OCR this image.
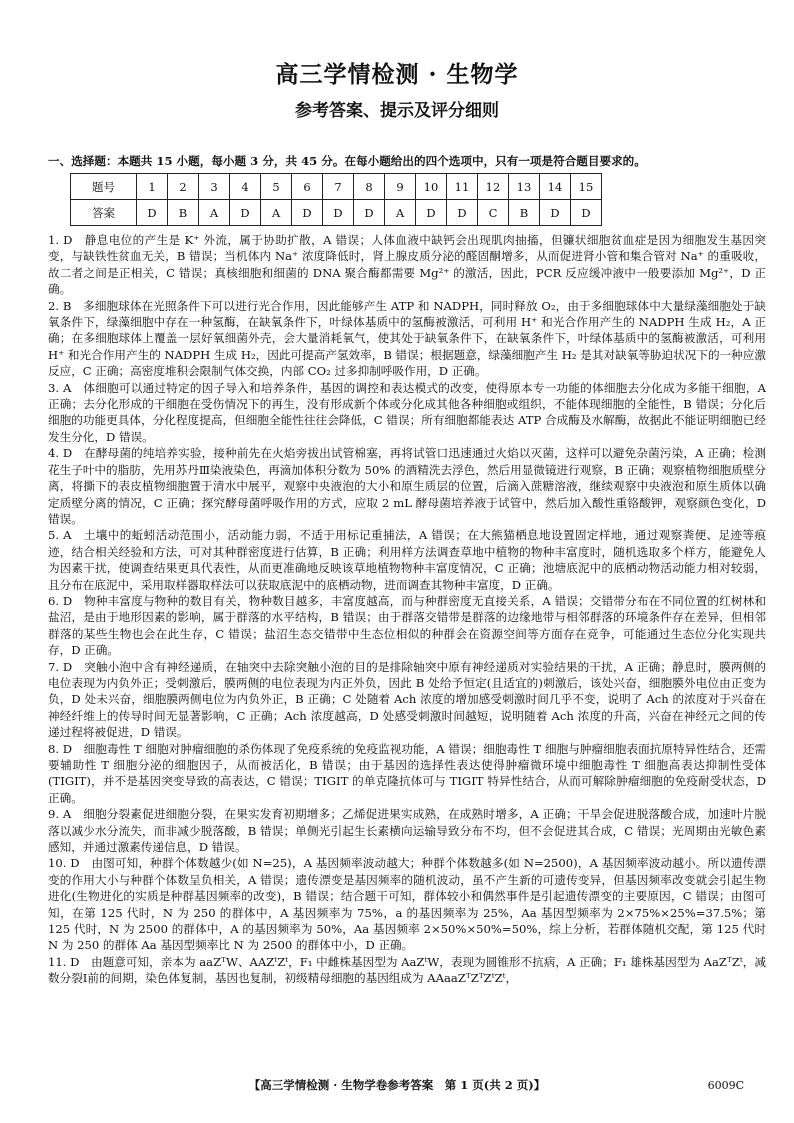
高三学情检测 · 生物学
参考答案、提示及评分细则
一、选择题：本题共 15 小题，每小题 3 分，共 45 分。在每小题给出的四个选项中，只有一项是符合题目要求的。
题号	1	2	3	4	5	6	7	8	9	10	11	12	13	14	15
答案	D	B	A	D	A	D	D	D	A	D	D	C	B	D	D
1. D　静息电位的产生是 K⁺ 外流，属于协助扩散，A 错误；人体血液中缺钙会出现肌肉抽搐，但镰状细胞贫血症是因为细胞发生基因突变，与缺铁性贫血无关，B 错误；当机体内 Na⁺ 浓度降低时，肾上腺皮质分泌的醛固酮增多，从而促进肾小管和集合管对 Na⁺ 的重吸收，故二者之间是正相关，C 错误；真核细胞和细菌的 DNA 聚合酶都需要 Mg²⁺ 的激活，因此，PCR 反应缓冲液中一般要添加 Mg²⁺，D 正确。
2. B　多细胞球体在光照条件下可以进行光合作用，因此能够产生 ATP 和 NADPH，同时释放 O₂，由于多细胞球体中大量绿藻细胞处于缺氧条件下，绿藻细胞中存在一种氢酶，在缺氧条件下，叶绿体基质中的氢酶被激活，可利用 H⁺ 和光合作用产生的 NADPH 生成 H₂，A 正确；在多细胞球体上覆盖一层好氧细菌外壳，会大量消耗氧气，使其处于缺氧条件下，在缺氧条件下，叶绿体基质中的氢酶被激活，可利用 H⁺ 和光合作用产生的 NADPH 生成 H₂，因此可提高产氢效率，B 错误；根据题意，绿藻细胞产生 H₂ 是其对缺氧等胁迫状况下的一种应激反应，C 正确；高密度堆积会限制气体交换，内部 CO₂ 过多抑制呼吸作用，D 正确。
3. A　体细胞可以通过特定的因子导入和培养条件，基因的调控和表达模式的改变，使得原本专一功能的体细胞去分化成为多能干细胞，A 正确；去分化形成的干细胞在受伤情况下的再生，没有形成新个体或分化成其他各种细胞或组织，不能体现细胞的全能性，B 错误；分化后细胞的功能更具体，分化程度提高，但细胞全能性往往会降低，C 错误；所有细胞都能表达 ATP 合成酶及水解酶，故据此不能证明细胞已经发生分化，D 错误。
4. D　在酵母菌的纯培养实验，接种前先在火焰旁拔出试管棉塞，再将试管口迅速通过火焰以灭菌，这样可以避免杂菌污染，A 正确；检测花生子叶中的脂肪，先用苏丹Ⅲ染液染色，再滴加体积分数为 50% 的酒精洗去浮色，然后用显微镜进行观察，B 正确；观察植物细胞质壁分离，将撕下的表皮植物细胞置于清水中展平，观察中央液泡的大小和原生质层的位置，后滴入蔗糖溶液，继续观察中央液泡和原生质体以确定质壁分离的情况，C 正确；探究酵母菌呼吸作用的方式，应取 2 mL 酵母菌培养液于试管中，然后加入酸性重铬酸钾，观察颜色变化，D 错误。
5. A　土壤中的蚯蚓活动范围小，活动能力弱，不适于用标记重捕法，A 错误；在大熊猫栖息地设置固定样地，通过观察粪便、足迹等痕迹，结合相关经验和方法，可对其种群密度进行估算，B 正确；利用样方法调查草地中植物的物种丰富度时，随机选取多个样方，能避免人为因素干扰，使调查结果更具代表性，从而更准确地反映该草地植物物种丰富度情况，C 正确；池塘底泥中的底栖动物活动能力相对较弱，且分布在底泥中，采用取样器取样法可以获取底泥中的底栖动物，进而调查其物种丰富度，D 正确。
6. D　物种丰富度与物种的数目有关，物种数目越多，丰富度越高，而与种群密度无直接关系，A 错误；交错带分布在不同位置的红树林和盐沼，是由于地形因素的影响，属于群落的水平结构，B 错误；由于群落交错带是群落的边缘地带与相邻群落的环境条件存在差异，但相邻群落的某些生物也会在此生存，C 错误；盐沼生态交错带中生态位相似的种群会在资源空间等方面存在竞争，可能通过生态位分化实现共存，D 正确。
7. D　突触小泡中含有神经递质，在轴突中去除突触小泡的目的是排除轴突中原有神经递质对实验结果的干扰，A 正确；静息时，膜两侧的电位表现为内负外正；受刺激后，膜两侧的电位表现为内正外负，因此 B 处给予恒定(且适宜的)刺激后，该处兴奋，细胞膜外电位由正变为负，D 处未兴奋，细胞膜两侧电位为内负外正，B 正确；C 处随着 Ach 浓度的增加感受刺激时间几乎不变，说明了 Ach 的浓度对于兴奋在神经纤维上的传导时间无显著影响，C 正确；Ach 浓度越高，D 处感受刺激时间越短，说明随着 Ach 浓度的升高，兴奋在神经元之间的传递过程将被促进，D 错误。
8. D　细胞毒性 T 细胞对肿瘤细胞的杀伤体现了免疫系统的免疫监视功能，A 错误；细胞毒性 T 细胞与肿瘤细胞表面抗原特异性结合，还需要辅助性 T 细胞分泌的细胞因子，从而被活化，B 错误；由于基因的选择性表达使得肿瘤微环境中细胞毒性 T 细胞高表达抑制性受体(TIGIT)，并不是基因突变导致的高表达，C 错误；TIGIT 的单克隆抗体可与 TIGIT 特异性结合，从而可解除肿瘤细胞的免疫耐受状态，D 正确。
9. A　细胞分裂素促进细胞分裂，在果实发育初期增多；乙烯促进果实成熟，在成熟时增多，A 正确；干旱会促进脱落酸合成，加速叶片脱落以减少水分流失，而非减少脱落酸，B 错误；单侧光引起生长素横向运输导致分布不均，但不会促进其合成，C 错误；光周期由光敏色素感知，并通过激素传递信息，D 错误。
10. D　由图可知，种群个体数越少(如 N=25)，A 基因频率波动越大；种群个体数越多(如 N=2500)，A 基因频率波动越小。所以遗传漂变的作用大小与种群个体数呈负相关，A 错误；遗传漂变是基因频率的随机波动，虽不产生新的可遗传变异，但基因频率改变就会引起生物进化(生物进化的实质是种群基因频率的改变)，B 错误；结合题干可知，群体较小和偶然事件是引起遗传漂变的主要原因，C 错误；由图可知，在第 125 代时，N 为 250 的群体中，A 基因频率为 75%，a 的基因频率为 25%，Aa 基因型频率为 2×75%×25%=37.5%；第 125 代时，N 为 2500 的群体中，A 的基因频率为 50%，Aa 基因频率 2×50%×50%=50%，综上分析，若群体随机交配，第 125 代时 N 为 250 的群体 Aa 基因型频率比 N 为 2500 的群体中小，D 正确。
11. D　由题意可知，亲本为 aaZᵀW、AAZᵗZᵗ，F₁ 中雌株基因型为 AaZᵗW，表现为圆锥形不抗病，A 正确；F₁ 雄株基因型为 AaZᵀZᵗ，减数分裂Ⅰ前的间期，染色体复制，基因也复制，初级精母细胞的基因组成为 AAaaZᵀZᵀZᵗZᵗ，
【高三学情检测 · 生物学卷参考答案　第 1 页(共 2 页)】	6009C
